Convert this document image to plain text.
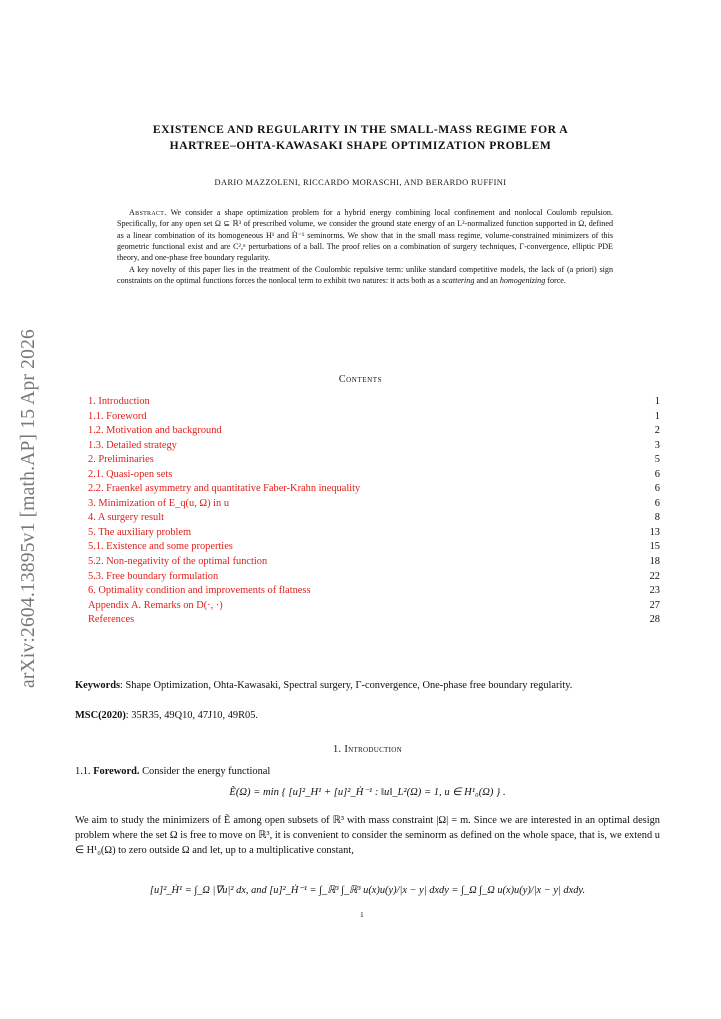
arXiv:2604.13895v1 [math.AP] 15 Apr 2026
EXISTENCE AND REGULARITY IN THE SMALL-MASS REGIME FOR A
HARTREE–OHTA-KAWASAKI SHAPE OPTIMIZATION PROBLEM
DARIO MAZZOLENI, RICCARDO MORASCHI, AND BERARDO RUFFINI

Abstract. We consider a shape optimization problem for a hybrid energy combining local confinement and nonlocal Coulomb repulsion. Specifically, for any open set Ω ⊆ ℝ³ of prescribed volume, we consider the ground state energy of an L²-normalized function supported in Ω, defined as a linear combination of its homogeneous H¹ and Ḣ⁻¹ seminorms. We show that in the small mass regime, volume-constrained minimizers of this geometric functional exist and are C²,ᵅ perturbations of a ball. The proof relies on a combination of surgery techniques, Γ-convergence, elliptic PDE theory, and one-phase free boundary regularity.

A key novelty of this paper lies in the treatment of the Coulombic repulsive term: unlike standard competitive models, the lack of (a priori) sign constraints on the optimal functions forces the nonlocal term to exhibit two natures: it acts both as a scattering and an homogenizing force.

Contents
1. Introduction	1
1.1. Foreword	1
1.2. Motivation and background	2
1.3. Detailed strategy	3
2. Preliminaries	5
2.1. Quasi-open sets	6
2.2. Fraenkel asymmetry and quantitative Faber-Krahn inequality	6
3. Minimization of E_q(u, Ω) in u	6
4. A surgery result	8
5. The auxiliary problem	13
5.1. Existence and some properties	15
5.2. Non-negativity of the optimal function	18
5.3. Free boundary formulation	22
6. Optimality condition and improvements of flatness	23
Appendix A. Remarks on D(·, ·)	27
References	28
Keywords: Shape Optimization, Ohta-Kawasaki, Spectral surgery, Γ-convergence, One-phase free boundary regularity.
MSC(2020): 35R35, 49Q10, 47J10, 49R05.
1. Introduction
1.1. Foreword. Consider the energy functional
Ẽ(Ω) = min { [u]²_H¹ + [u]²_Ḣ⁻¹ : ‖u‖_L²(Ω) = 1, u ∈ H¹₀(Ω) } .

We aim to study the minimizers of Ẽ among open subsets of ℝ³ with mass constraint |Ω| = m. Since we are interested in an optimal design problem where the set Ω is free to move on ℝ³, it is convenient to consider the seminorm as defined on the whole space, that is, we extend u ∈ H¹₀(Ω) to zero outside Ω and let, up to a multiplicative constant,

[u]²_Ḣ¹ = ∫_Ω |∇u|² dx, and [u]²_Ḣ⁻¹ = ∫_ℝ³ ∫_ℝ³ u(x)u(y)/|x − y| dxdy = ∫_Ω ∫_Ω u(x)u(y)/|x − y| dxdy.
1
